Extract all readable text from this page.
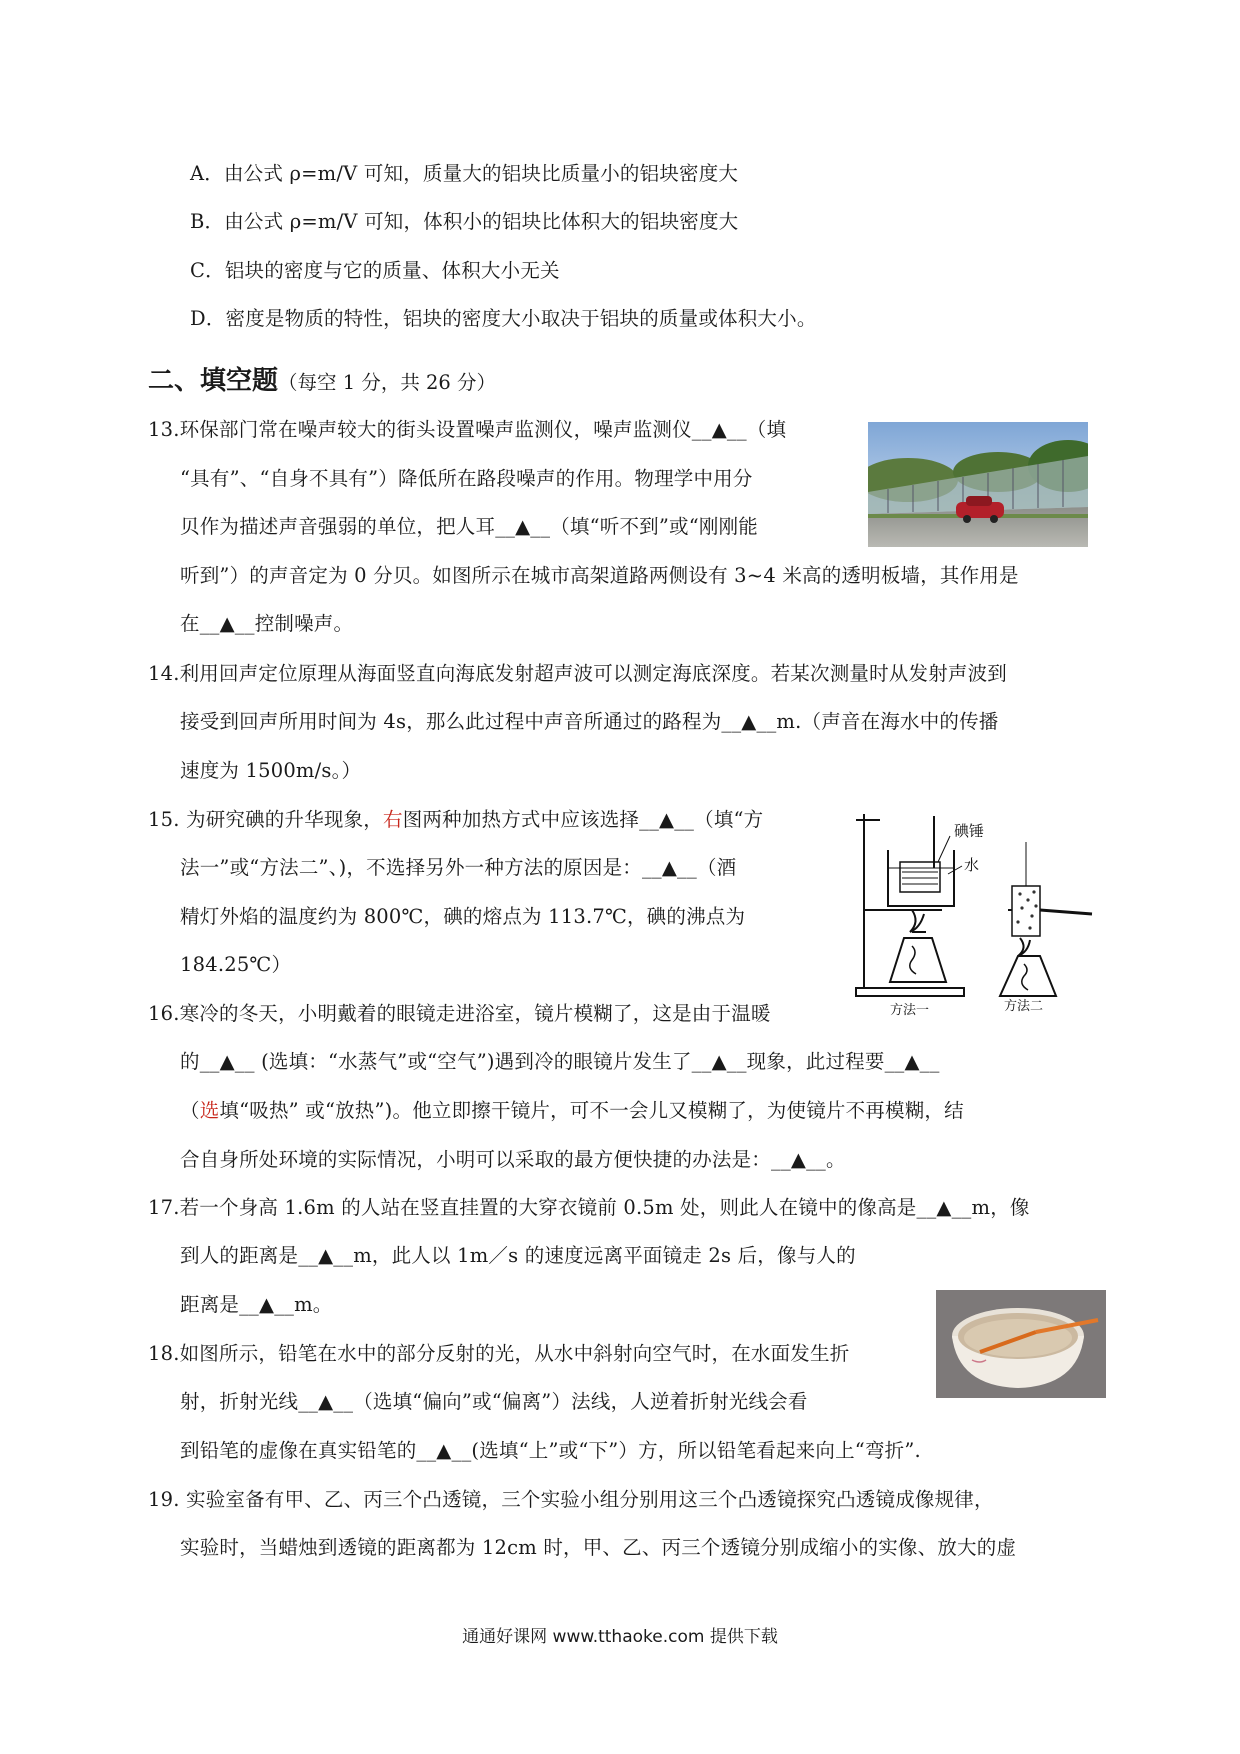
A．由公式 ρ=m/V 可知，质量大的铝块比质量小的铝块密度大
B．由公式 ρ=m/V 可知，体积小的铝块比体积大的铝块密度大
C．铝块的密度与它的质量、体积大小无关
D．密度是物质的特性，铝块的密度大小取决于铝块的质量或体积大小。
二、填空题（每空 1 分，共 26 分）
13.环保部门常在噪声较大的街头设置噪声监测仪，噪声监测仪__▲__（填
“具有”、“自身不具有”）降低所在路段噪声的作用。物理学中用分
贝作为描述声音强弱的单位，把人耳__▲__（填“听不到”或“刚刚能
听到”）的声音定为 0 分贝。如图所示在城市高架道路两侧设有 3~4 米高的透明板墙，其作用是
在__▲__控制噪声。
14.利用回声定位原理从海面竖直向海底发射超声波可以测定海底深度。若某次测量时从发射声波到
接受到回声所用时间为 4s，那么此过程中声音所通过的路程为__▲__m.（声音在海水中的传播
速度为 1500m/s。）
15. 为研究碘的升华现象，右图两种加热方式中应该选择__▲__（填“方
法一”或“方法二”、)，不选择另外一种方法的原因是：__▲__（酒
精灯外焰的温度约为 800℃，碘的熔点为 113.7℃，碘的沸点为
184.25℃）
碘锤
水
方法一	方法二
16.寒冷的冬天，小明戴着的眼镜走进浴室，镜片模糊了，这是由于温暖
的__▲__ (选填：“水蒸气”或“空气”)遇到冷的眼镜片发生了__▲__现象，此过程要__▲__
（选填“吸热” 或“放热”)。他立即擦干镜片，可不一会儿又模糊了，为使镜片不再模糊，结
合自身所处环境的实际情况，小明可以采取的最方便快捷的办法是：__▲__。
17.若一个身高 1.6m 的人站在竖直挂置的大穿衣镜前 0.5m 处，则此人在镜中的像高是__▲__m，像
到人的距离是__▲__m，此人以 1m／s 的速度远离平面镜走 2s 后，像与人的
距离是__▲__m。
18.如图所示，铅笔在水中的部分反射的光，从水中斜射向空气时，在水面发生折
射，折射光线__▲__（选填“偏向”或“偏离”）法线，人逆着折射光线会看
到铅笔的虚像在真实铅笔的__▲__(选填“上”或“下”）方，所以铅笔看起来向上“弯折”.
19. 实验室备有甲、乙、丙三个凸透镜，三个实验小组分别用这三个凸透镜探究凸透镜成像规律，
实验时，当蜡烛到透镜的距离都为 12cm 时，甲、乙、丙三个透镜分别成缩小的实像、放大的虚
通通好课网 www.tthaoke.com 提供下载
